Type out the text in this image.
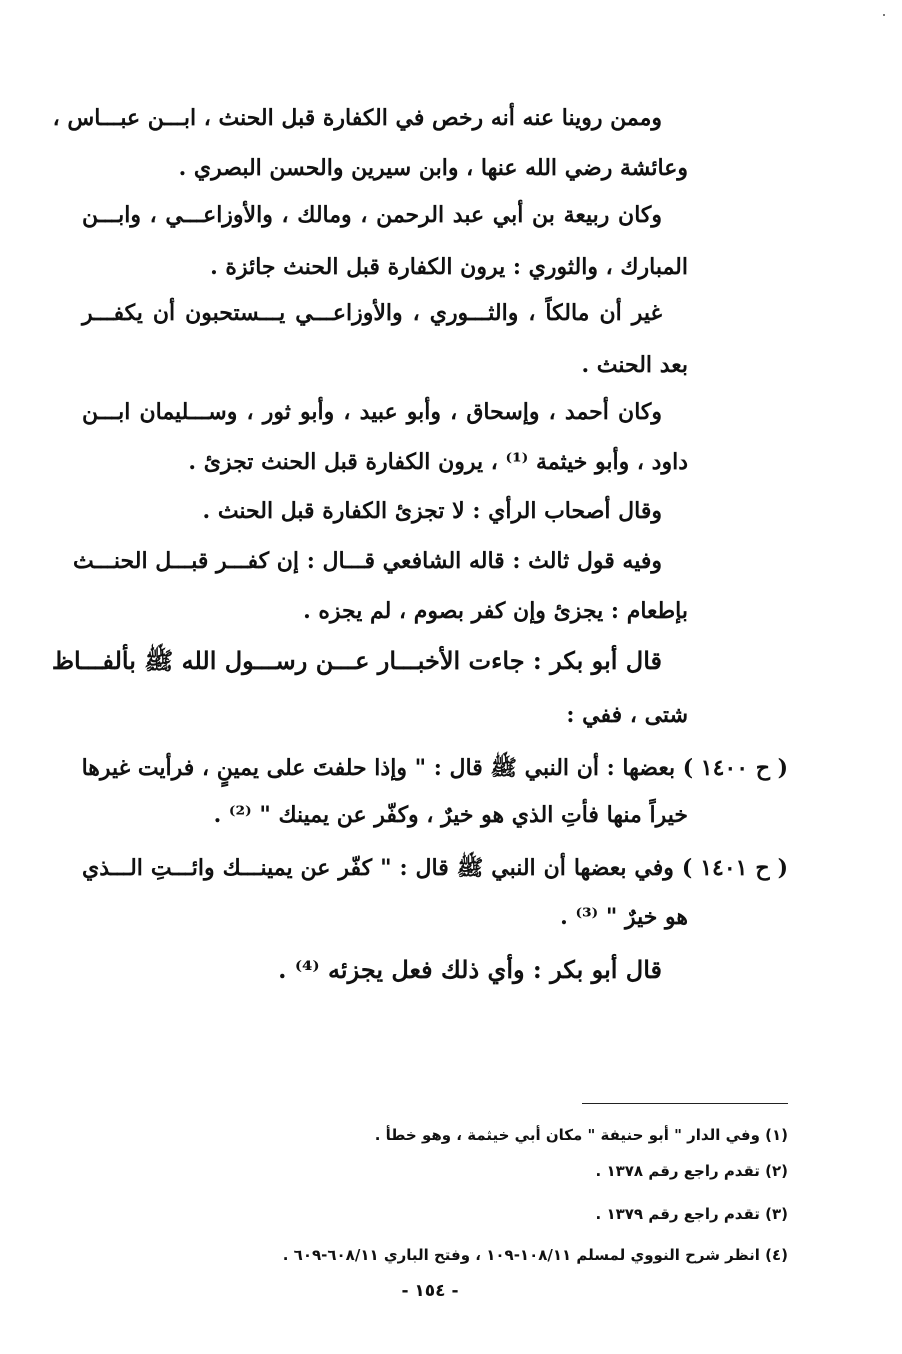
وممن روينا عنه أنه رخص في الكفارة قبل الحنث ، ابـــن عبـــاس ،
وعائشة رضي الله عنها ، وابن سيرين والحسن البصري .
وكان ربيعة بن أبي عبد الرحمن ، ومالك ، والأوزاعـــي ، وابـــن
المبارك ، والثوري : يرون الكفارة قبل الحنث جائزة .
غير أن مالكاً ، والثـــوري ، والأوزاعـــي يـــستحبون أن يكفـــر
بعد الحنث .
وكان أحمد ، وإسحاق ، وأبو عبيد ، وأبو ثور ، وســـليمان ابـــن
داود ، وأبو خيثمة ⁽¹⁾ ، يرون الكفارة قبل الحنث تجزئ .
وقال أصحاب الرأي : لا تجزئ الكفارة قبل الحنث .
وفيه قول ثالث : قاله الشافعي قـــال : إن كفـــر قبـــل الحنـــث
بإطعام : يجزئ وإن كفر بصوم ، لم يجزه .
قال أبو بكر : جاءت الأخبـــار عـــن رســـول الله ﷺ بألفـــاظ
شتى ، ففي :
( ح ١٤٠٠ ) بعضها : أن النبي ﷺ قال : " وإذا حلفتَ على يمينٍ ، فرأيت غيرها
خيراً منها فأتِ الذي هو خيرٌ ، وكفّر عن يمينك " ⁽²⁾ .
( ح ١٤٠١ ) وفي بعضها أن النبي ﷺ قال : " كفّر عن يمينـــك وائـــتِ الـــذي
هو خيرٌ " ⁽³⁾ .
قال أبو بكر : وأي ذلك فعل يجزئه ⁽⁴⁾ .
(١) وفي الدار " أبو حنيفة " مكان أبي خيثمة ، وهو خطأ .
(٢) تقدم راجع رقم ١٣٧٨ .
(٣) تقدم راجع رقم ١٣٧٩ .
(٤) انظر شرح النووي لمسلم ١٠٨/١١-١٠٩ ، وفتح الباري ٦٠٨/١١-٦٠٩ .
- ١٥٤ -
